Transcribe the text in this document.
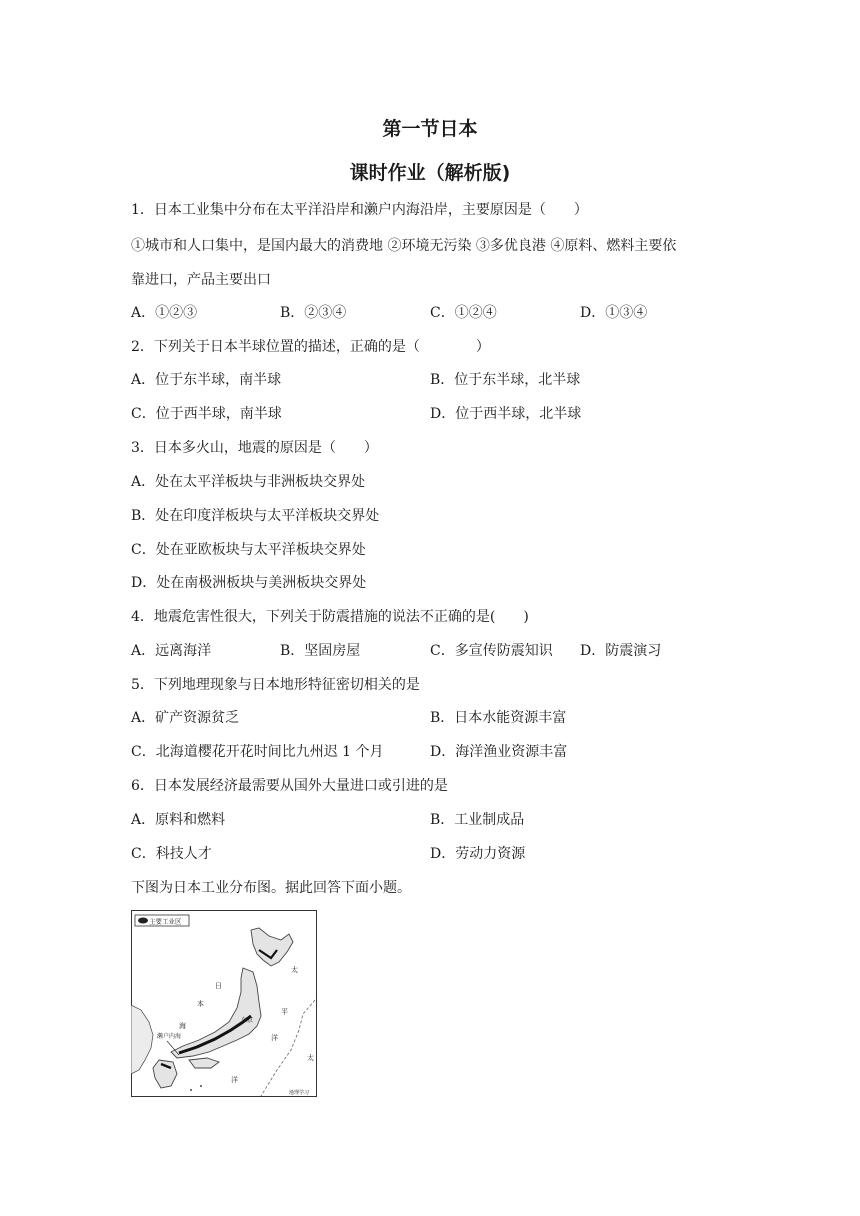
第一节日本
课时作业（解析版)
1．日本工业集中分布在太平洋沿岸和濑户内海沿岸，主要原因是（　　）
①城市和人口集中，是国内最大的消费地 ②环境无污染 ③多优良港 ④原料、燃料主要依
靠进口，产品主要出口
A．①②③	B．②③④	C．①②④	D．①③④
2．下列关于日本半球位置的描述，正确的是（　　　　）
A．位于东半球，南半球	B．位于东半球，北半球
C．位于西半球，南半球	D．位于西半球，北半球
3．日本多火山，地震的原因是（　　）
A．处在太平洋板块与非洲板块交界处
B．处在印度洋板块与太平洋板块交界处
C．处在亚欧板块与太平洋板块交界处
D．处在南极洲板块与美洲板块交界处
4．地震危害性很大，下列关于防震措施的说法不正确的是(　　)
A．远离海洋	B．坚固房屋	C．多宣传防震知识 D．防震演习
5．下列地理现象与日本地形特征密切相关的是
A．矿产资源贫乏	B．日本水能资源丰富
C．北海道樱花开花时间比九州迟 1 个月	D．海洋渔业资源丰富
6．日本发展经济最需要从国外大量进口或引进的是
A．原料和燃料	B．工业制成品
C．科技人才	D．劳动力资源
下图为日本工业分布图。据此回答下面小题。
主要工业区
日
本
海
濑户内海
东京
太
平
洋
太
洋
地理学习
